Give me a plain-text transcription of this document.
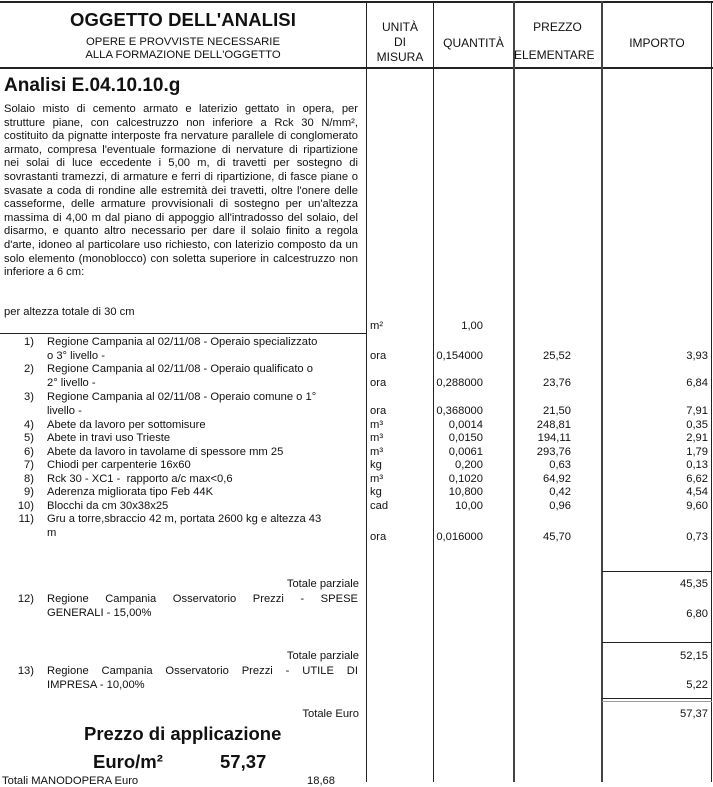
OGGETTO DELL'ANALISI
OPERE E PROVVISTE NECESSARIE
ALLA FORMAZIONE DELL'OGGETTO
UNITÀ
DI
MISURA
QUANTITÀ
PREZZO
ELEMENTARE
IMPORTO
Analisi E.04.10.10.g
Solaio misto di cemento armato e laterizio gettato in opera, per strutture piane, con calcestruzzo non inferiore a Rck 30 N/mm², costituito da pignatte interposte fra nervature parallele di conglomerato armato, compresa l'eventuale formazione di nervature di ripartizione nei solai di luce eccedente i 5,00 m, di travetti per sostegno di sovrastanti tramezzi, di armature e ferri di ripartizione, di fasce piane o svasate a coda di rondine alle estremità dei travetti, oltre l'onere delle casseforme, delle armature provvisionali di sostegno per un'altezza massima di 4,00 m dal piano di appoggio all'intradosso del solaio, del disarmo, e quanto altro necessario per dare il solaio finito a regola d'arte, idoneo al particolare uso richiesto, con laterizio composto da un solo elemento (monoblocco) con soletta superiore in calcestruzzo non inferiore a 6 cm:
per altezza totale di 30 cm
m²	1,00
1) Regione Campania al 02/11/08 - Operaio specializzato
o 3° livello -	ora	0,154000	25,52	3,93
2) Regione Campania al 02/11/08 - Operaio qualificato o
2° livello -	ora	0,288000	23,76	6,84
3) Regione Campania al 02/11/08 - Operaio comune o 1°
livello -	ora	0,368000	21,50	7,91
4) Abete da lavoro per sottomisure	m³	0,0014	248,81	0,35
5) Abete in travi uso Trieste	m³	0,0150	194,11	2,91
6) Abete da lavoro in tavolame di spessore mm 25	m³	0,0061	293,76	1,79
7) Chiodi per carpenterie 16x60	kg	0,200	0,63	0,13
8) Rck 30 - XC1 -  rapporto a/c max<0,6	m³	0,1020	64,92	6,62
9) Aderenza migliorata tipo Feb 44K	kg	10,800	0,42	4,54
10) Blocchi da cm 30x38x25	cad	10,00	0,96	9,60
11) Gru a torre,sbraccio 42 m, portata 2600 kg e altezza 43
m	ora	0,016000	45,70	0,73
Totale parziale	45,35
12) Regione Campania Osservatorio Prezzi - SPESE
GENERALI - 15,00%	6,80
Totale parziale	52,15
13) Regione Campania Osservatorio Prezzi - UTILE DI
IMPRESA - 10,00%	5,22
Totale Euro	57,37
Prezzo di applicazione
Euro/m²	57,37
Totali MANODOPERA Euro	18,68
